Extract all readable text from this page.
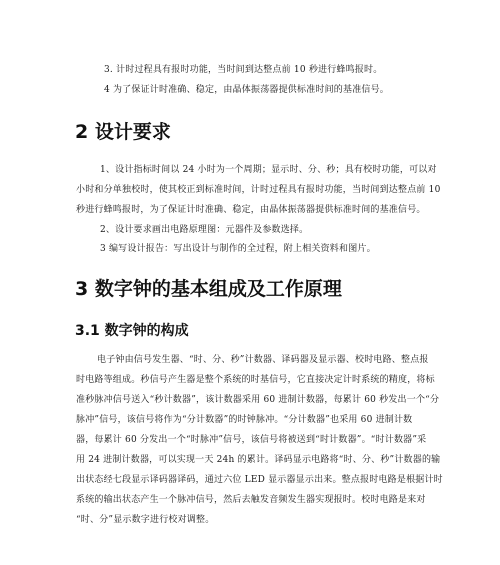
3. 计时过程具有报时功能，当时间到达整点前 10 秒进行蜂鸣报时。
4 为了保证计时准确、稳定，由晶体振荡器提供标准时间的基准信号。
2 设计要求
1、设计指标时间以 24 小时为一个周期；显示时、分、秒；具有校时功能，可以对
小时和分单独校时，使其校正到标准时间，计时过程具有报时功能，当时间到达整点前 10
秒进行蜂鸣报时，为了保证计时准确、稳定，由晶体振荡器提供标准时间的基准信号。
2、设计要求画出电路原理图：元器件及参数选择。
3 编写设计报告：写出设计与制作的全过程，附上相关资料和图片。
3 数字钟的基本组成及工作原理
3.1 数字钟的构成
电子钟由信号发生器、“时、分、秒”计数器、译码器及显示器、校时电路、整点报
时电路等组成。秒信号产生器是整个系统的时基信号，它直接决定计时系统的精度，将标
准秒脉冲信号送入“秒计数器”，该计数器采用 60 进制计数器，每累计 60 秒发出一个“分
脉冲”信号，该信号将作为“分计数器”的时钟脉冲。“分计数器”也采用 60 进制计数
器，每累计 60 分发出一个“时脉冲”信号，该信号将被送到“时计数器”。“时计数器”采
用 24 进制计数器，可以实现一天 24h 的累计。译码显示电路将“时、分、秒”计数器的输
出状态经七段显示译码器译码，通过六位 LED 显示器显示出来。整点报时电路是根据计时
系统的输出状态产生一个脉冲信号，然后去触发音频发生器实现报时。校时电路是来对
“时、分”显示数字进行校对调整。
